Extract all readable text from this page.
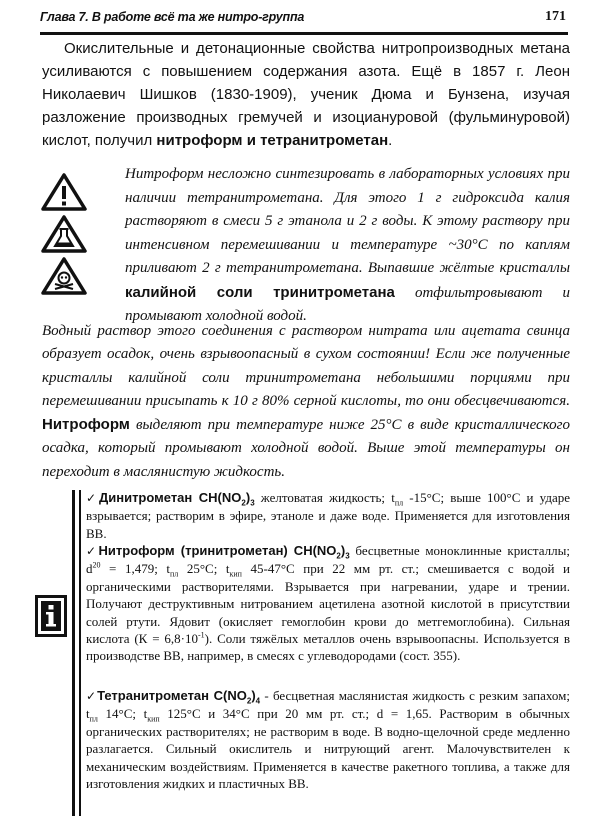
Глава 7. В работе всё та же нитро-группа	171

Окислительные и детонационные свойства нитропроизводных метана усиливаются с повышением содержания азота. Ещё в 1857 г. Леон Николаевич Шишков (1830-1909), ученик Дюма и Бунзена, изучая разложение производных гремучей и изоциануровой (фульминуровой) кислот, получил нитроформ и тетранитрометан.

Нитроформ несложно синтезировать в лабораторных условиях при наличии тетранитрометана. Для этого 1 г гидроксида калия растворяют в смеси 5 г этанола и 2 г воды. К этому раствору при интенсивном перемешивании и температуре ~30°С по каплям приливают 2 г тетранитрометана. Выпавшие жёлтые кристаллы калийной соли тринитрометана отфильтровывают и промывают холодной водой.

Водный раствор этого соединения с раствором нитрата или ацетата свинца образует осадок, очень взрывоопасный в сухом состоянии! Если же полученные кристаллы калийной соли тринитрометана небольшими порциями при перемешивании присыпать к 10 г 80% серной кислоты, то они обесцвечиваются. Нитроформ выделяют при температуре ниже 25°С в виде кристаллического осадка, который промывают холодной водой. Выше этой температуры он переходит в маслянистую жидкость.

✓Динитрометан $CH(NO_2)_3$ желтоватая жидкость; $t_{пл}$ -15°С; выше 100°С и ударе взрывается; растворим в эфире, этаноле и даже воде. Применяется для изготовления ВВ.

✓Нитроформ (тринитрометан) $CH(NO_2)_3$ бесцветные моноклинные кристаллы; $d^{20} = 1,479$; $t_{пл}$ 25°С; $t_{кип}$ 45-47°С при 22 мм рт. ст.; смешивается с водой и органическими растворителями. Взрывается при нагревании, ударе и трении. Получают деструктивным нитрованием ацетилена азотной кислотой в присутствии солей ртути. Ядовит (окисляет гемоглобин крови до метгемоглобина). Сильная кислота $(К = 6,8\cdot 10^{-1})$. Соли тяжёлых металлов очень взрывоопасны. Используется в производстве ВВ, например, в смесях с углеводородами (сост. 355).

✓Тетранитрометан $C(NO_2)_4$ - бесцветная маслянистая жидкость с резким запахом; $t_{пл}$ 14°С; $t_{кип}$ 125°С и 34°С при 20 мм рт. ст.; d = 1,65. Растворим в обычных органических растворителях; не растворим в воде. В водно-щелочной среде медленно разлагается. Сильный окислитель и нитрующий агент. Малочувствителен к механическим воздействиям. Применяется в качестве ракетного топлива, а также для изготовления жидких и пластичных ВВ.
